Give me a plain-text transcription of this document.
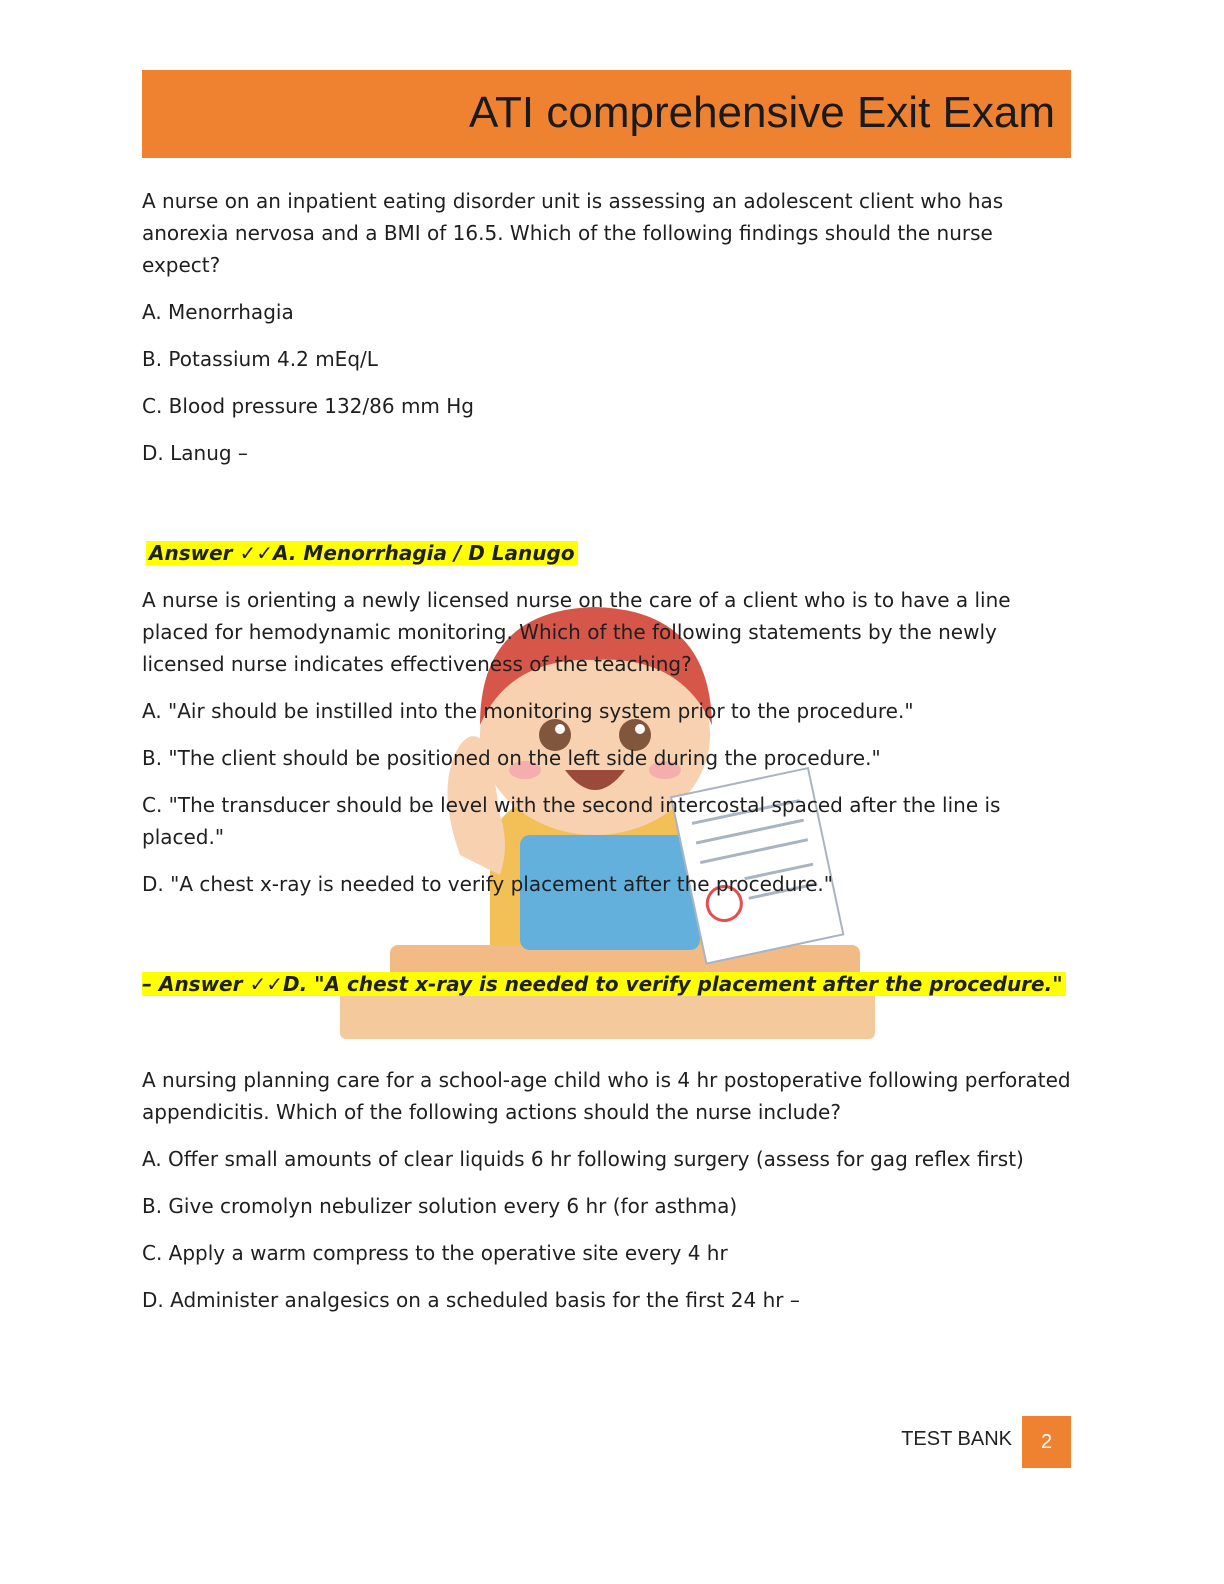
ATI comprehensive Exit Exam

A nurse on an inpatient eating disorder unit is assessing an adolescent client who has anorexia nervosa and a BMI of 16.5. Which of the following findings should the nurse expect?

A. Menorrhagia

B. Potassium 4.2 mEq/L

C. Blood pressure 132/86 mm Hg

D. Lanug –

Answer ✓✓A. Menorrhagia / D Lanugo

A nurse is orienting a newly licensed nurse on the care of a client who is to have a line placed for hemodynamic monitoring. Which of the following statements by the newly licensed nurse indicates effectiveness of the teaching?

A. "Air should be instilled into the monitoring system prior to the procedure."

B. "The client should be positioned on the left side during the procedure."

C. "The transducer should be level with the second intercostal spaced after the line is placed."

D. "A chest x-ray is needed to verify placement after the procedure."

– Answer ✓✓D. "A chest x-ray is needed to verify placement after the procedure."

A nursing planning care for a school-age child who is 4 hr postoperative following perforated appendicitis. Which of the following actions should the nurse include?

A. Offer small amounts of clear liquids 6 hr following surgery (assess for gag reflex first)

B. Give cromolyn nebulizer solution every 6 hr (for asthma)

C. Apply a warm compress to the operative site every 4 hr

D. Administer analgesics on a scheduled basis for the first 24 hr –

TEST BANK	2
